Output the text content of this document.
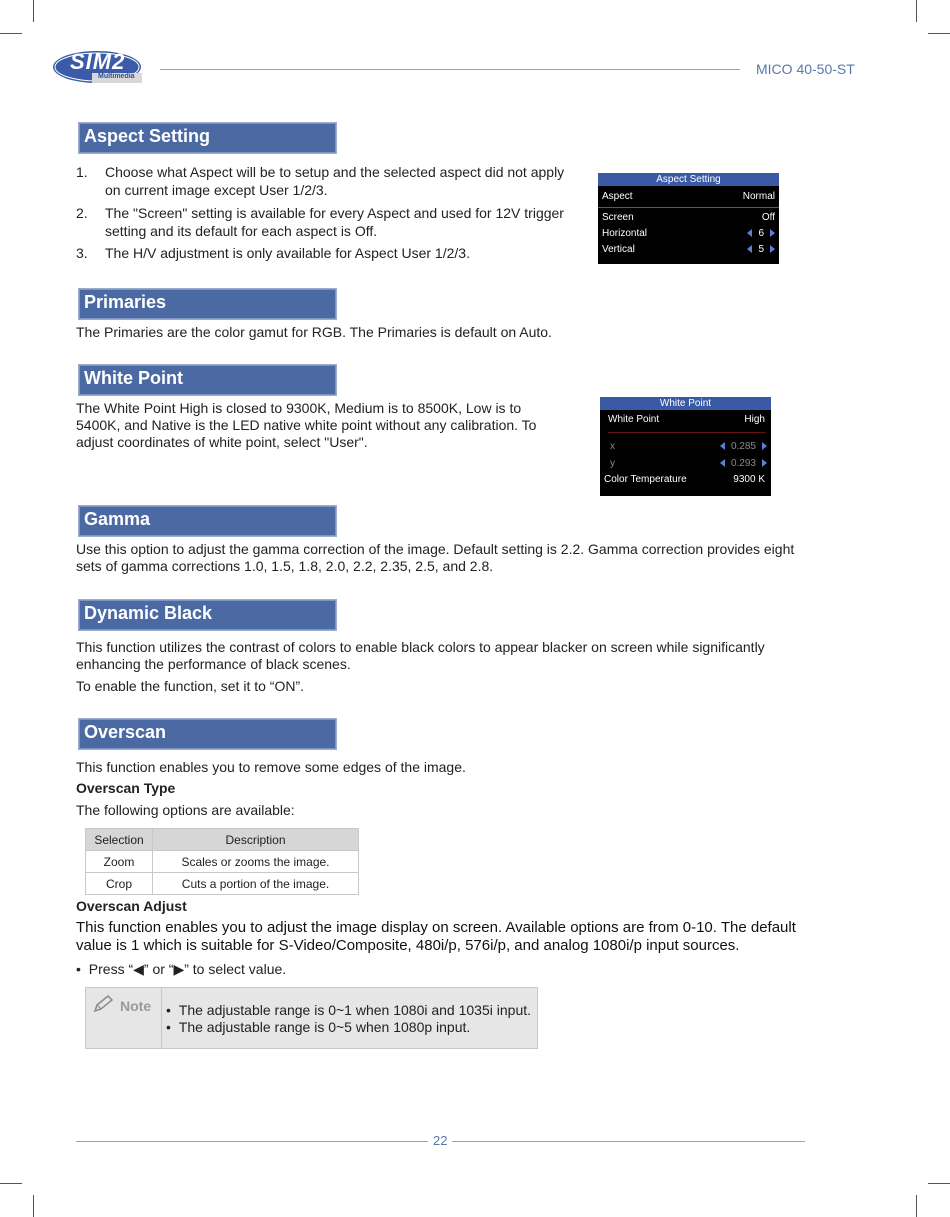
SIM2
Multimedia	MICO 40-50-ST
Aspect Setting
1. Choose what Aspect will be to setup and the selected aspect did not apply on current image except User 1/2/3.
2. The "Screen" setting is available for every Aspect and used for 12V trigger setting and its default for each aspect is Off.
3. The H/V adjustment is only available for Aspect User 1/2/3.
Aspect Setting
Aspect	Normal
Screen	Off
Horizontal	6
Vertical	5
Primaries
The Primaries are the color gamut for RGB. The Primaries is default on Auto.
White Point
The White Point High is closed to 9300K, Medium is to 8500K, Low is to 5400K, and Native is the LED native white point without any calibration. To adjust coordinates of white point, select "User".
White Point
White Point	High
x	0.285
y	0.293
Color Temperature	9300 K
Gamma
Use this option to adjust the gamma correction of the image. Default setting is 2.2. Gamma correction provides eight sets of gamma corrections 1.0, 1.5, 1.8, 2.0, 2.2, 2.35, 2.5, and 2.8.
Dynamic Black
This function utilizes the contrast of colors to enable black colors to appear blacker on screen while significantly enhancing the performance of black scenes.
To enable the function, set it to “ON”.
Overscan
This function enables you to remove some edges of the image.
Overscan Type
The following options are available:
Selection	Description
Zoom	Scales or zooms the image.
Crop	Cuts a portion of the image.
Overscan Adjust
This function enables you to adjust the image display on screen. Available options are from 0-10. The default value is 1 which is suitable for S-Video/Composite, 480i/p, 576i/p, and analog 1080i/p input sources.
• Press “◀” or “▶” to select value.
Note • The adjustable range is 0~1 when 1080i and 1035i input.
• The adjustable range is 0~5 when 1080p input.
22
